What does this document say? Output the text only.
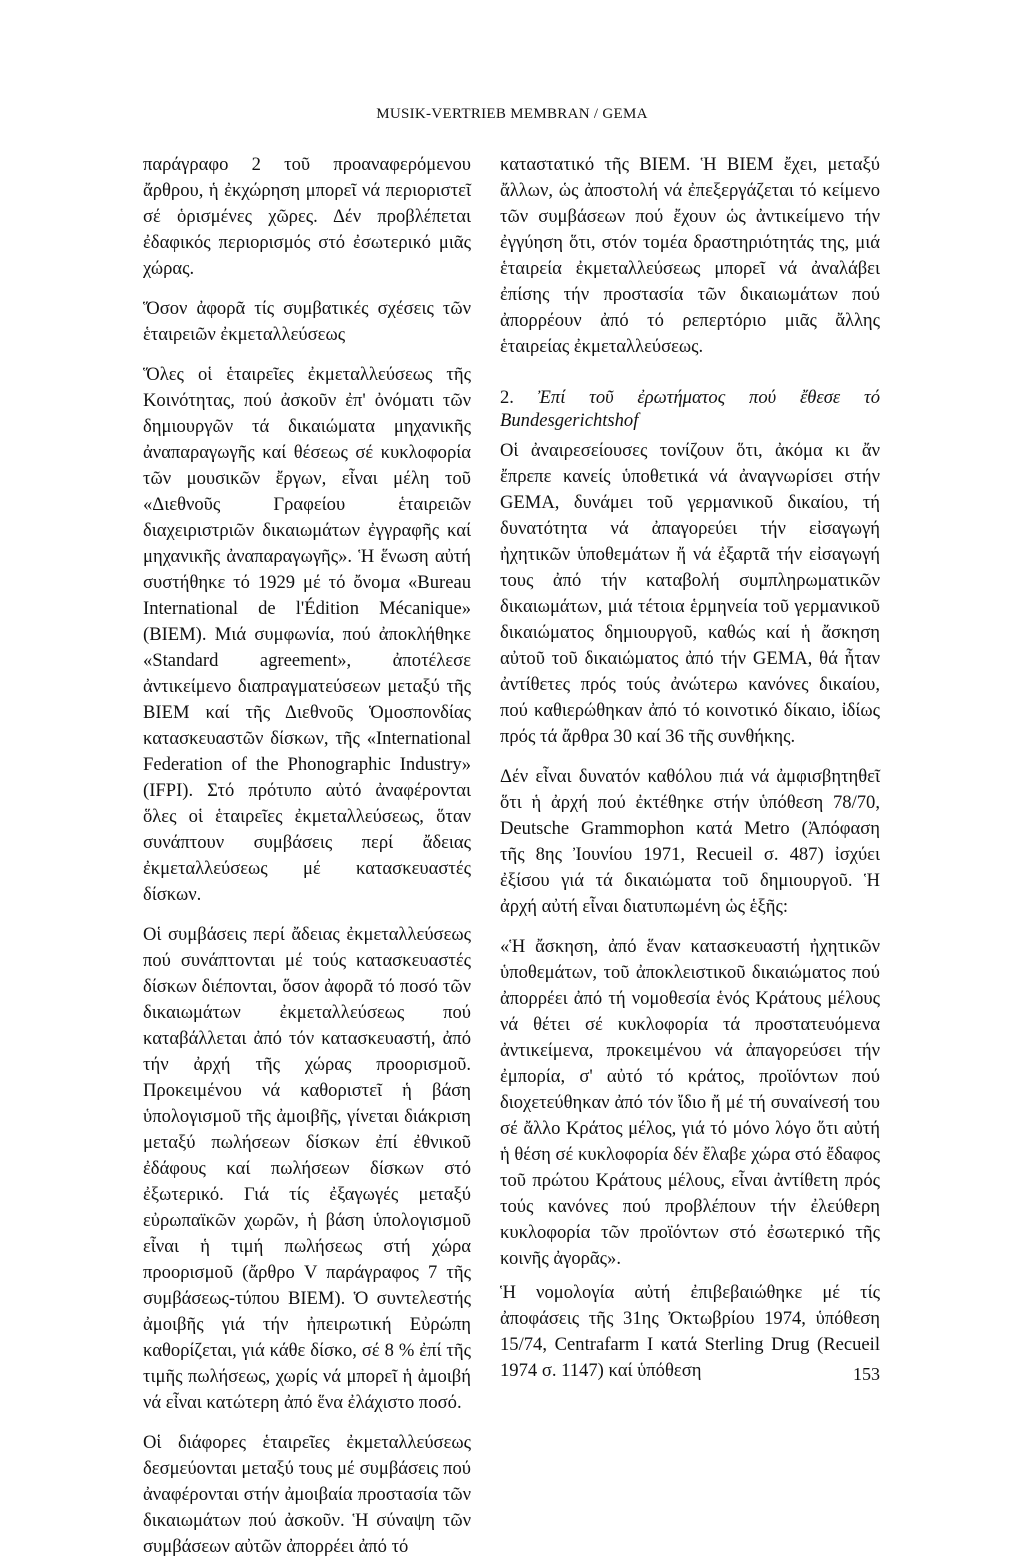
MUSIK-VERTRIEB MEMBRAN / GEMA

παράγραφο 2 τοῦ προαναφερόμενου ἄρθρου, ἡ ἐκχώρηση μπορεῖ νά περιοριστεῖ σέ ὁρισμένες χῶρες. Δέν προβλέπεται ἐδαφικός περιορισμός στό ἐσωτερικό μιᾶς χώρας.

Ὅσον ἀφορᾶ τίς συμβατικές σχέσεις τῶν ἑταιρειῶν ἐκμεταλλεύσεως

Ὅλες οἱ ἑταιρεῖες ἐκμεταλλεύσεως τῆς Κοινότητας, πού ἀσκοῦν ἐπ' ὀνόματι τῶν δημιουργῶν τά δικαιώματα μηχανικῆς ἀναπαραγωγῆς καί θέσεως σέ κυκλοφορία τῶν μουσικῶν ἔργων, εἶναι μέλη τοῦ «Διεθνοῦς Γραφείου ἑταιρειῶν διαχειριστριῶν δικαιωμάτων ἐγγραφῆς καί μηχανικῆς ἀναπαραγωγῆς». Ἡ ἕνωση αὐτή συστήθηκε τό 1929 μέ τό ὄνομα «Bureau International de l'Édition Mécanique» (BIEM). Μιά συμφωνία, πού ἀποκλήθηκε «Standard agreement», ἀποτέλεσε ἀντικείμενο διαπραγματεύσεων μεταξύ τῆς BIEM καί τῆς Διεθνοῦς Ὁμοσπονδίας κατασκευαστῶν δίσκων, τῆς «International Federation of the Phonographic Industry» (IFPI). Στό πρότυπο αὐτό ἀναφέρονται ὅλες οἱ ἑταιρεῖες ἐκμεταλλεύσεως, ὅταν συνάπτουν συμβάσεις περί ἄδειας ἐκμεταλλεύσεως μέ κατασκευαστές δίσκων.

Οἱ συμβάσεις περί ἄδειας ἐκμεταλλεύσεως πού συνάπτονται μέ τούς κατασκευαστές δίσκων διέπονται, ὅσον ἀφορᾶ τό ποσό τῶν δικαιωμάτων ἐκμεταλλεύσεως πού καταβάλλεται ἀπό τόν κατασκευαστή, ἀπό τήν ἀρχή τῆς χώρας προορισμοῦ. Προκειμένου νά καθοριστεῖ ἡ βάση ὑπολογισμοῦ τῆς ἀμοιβῆς, γίνεται διάκριση μεταξύ πωλήσεων δίσκων ἐπί ἐθνικοῦ ἐδάφους καί πωλήσεων δίσκων στό ἐξωτερικό. Γιά τίς ἐξαγωγές μεταξύ εὐρωπαϊκῶν χωρῶν, ἡ βάση ὑπολογισμοῦ εἶναι ἡ τιμή πωλήσεως στή χώρα προορισμοῦ (ἄρθρο V παράγραφος 7 τῆς συμβάσεως-τύπου BIEM). Ὁ συντελεστής ἀμοιβῆς γιά τήν ἠπειρωτική Εὐρώπη καθορίζεται, γιά κάθε δίσκο, σέ 8 % ἐπί τῆς τιμῆς πωλήσεως, χωρίς νά μπορεῖ ἡ ἀμοιβή νά εἶναι κατώτερη ἀπό ἕνα ἐλάχιστο ποσό.

Οἱ διάφορες ἑταιρεῖες ἐκμεταλλεύσεως δεσμεύονται μεταξύ τους μέ συμβάσεις πού ἀναφέρονται στήν ἀμοιβαία προστασία τῶν δικαιωμάτων πού ἀσκοῦν. Ἡ σύναψη τῶν συμβάσεων αὐτῶν ἀπορρέει ἀπό τό

καταστατικό τῆς BIEM. Ἡ BIEM ἔχει, μεταξύ ἄλλων, ὡς ἀποστολή νά ἐπεξεργάζεται τό κείμενο τῶν συμβάσεων πού ἔχουν ὡς ἀντικείμενο τήν ἐγγύηση ὅτι, στόν τομέα δραστηριότητάς της, μιά ἑταιρεία ἐκμεταλλεύσεως μπορεῖ νά ἀναλάβει ἐπίσης τήν προστασία τῶν δικαιωμάτων πού ἀπορρέουν ἀπό τό ρεπερτόριο μιᾶς ἄλλης ἑταιρείας ἐκμεταλλεύσεως.

2. Ἐπί τοῦ ἐρωτήματος πού ἔθεσε τό Bundesgerichtshof

Οἱ ἀναιρεσείουσες τονίζουν ὅτι, ἀκόμα κι ἄν ἔπρεπε κανείς ὑποθετικά νά ἀναγνωρίσει στήν GEMA, δυνάμει τοῦ γερμανικοῦ δικαίου, τή δυνατότητα νά ἀπαγορεύει τήν εἰσαγωγή ἠχητικῶν ὑποθεμάτων ἤ νά ἐξαρτᾶ τήν εἰσαγωγή τους ἀπό τήν καταβολή συμπληρωματικῶν δικαιωμάτων, μιά τέτοια ἑρμηνεία τοῦ γερμανικοῦ δικαιώματος δημιουργοῦ, καθώς καί ἡ ἄσκηση αὐτοῦ τοῦ δικαιώματος ἀπό τήν GEMA, θά ἦταν ἀντίθετες πρός τούς ἀνώτερω κανόνες δικαίου, πού καθιερώθηκαν ἀπό τό κοινοτικό δίκαιο, ἰδίως πρός τά ἄρθρα 30 καί 36 τῆς συνθήκης.

Δέν εἶναι δυνατόν καθόλου πιά νά ἀμφισβητηθεῖ ὅτι ἡ ἀρχή πού ἐκτέθηκε στήν ὑπόθεση 78/70, Deutsche Grammophon κατά Metro (Ἀπόφαση τῆς 8ης Ἰουνίου 1971, Recueil σ. 487) ἰσχύει ἐξίσου γιά τά δικαιώματα τοῦ δημιουργοῦ. Ἡ ἀρχή αὐτή εἶναι διατυπωμένη ὡς ἑξῆς:

«Ἡ ἄσκηση, ἀπό ἕναν κατασκευαστή ἠχητικῶν ὑποθεμάτων, τοῦ ἀποκλειστικοῦ δικαιώματος πού ἀπορρέει ἀπό τή νομοθεσία ἑνός Κράτους μέλους νά θέτει σέ κυκλοφορία τά προστατευόμενα ἀντικείμενα, προκειμένου νά ἀπαγορεύσει τήν ἐμπορία, σ' αὐτό τό κράτος, προϊόντων πού διοχετεύθηκαν ἀπό τόν ἴδιο ἤ μέ τή συναίνεσή του σέ ἄλλο Κράτος μέλος, γιά τό μόνο λόγο ὅτι αὐτή ἡ θέση σέ κυκλοφορία δέν ἔλαβε χώρα στό ἔδαφος τοῦ πρώτου Κράτους μέλους, εἶναι ἀντίθετη πρός τούς κανόνες πού προβλέπουν τήν ἐλεύθερη κυκλοφορία τῶν προϊόντων στό ἐσωτερικό τῆς κοινῆς ἀγορᾶς».

Ἡ νομολογία αὐτή ἐπιβεβαιώθηκε μέ τίς ἀποφάσεις τῆς 31ης Ὀκτωβρίου 1974, ὑπόθεση 15/74, Centrafarm I κατά Sterling Drug (Recueil 1974 σ. 1147) καί ὑπόθεση	153
